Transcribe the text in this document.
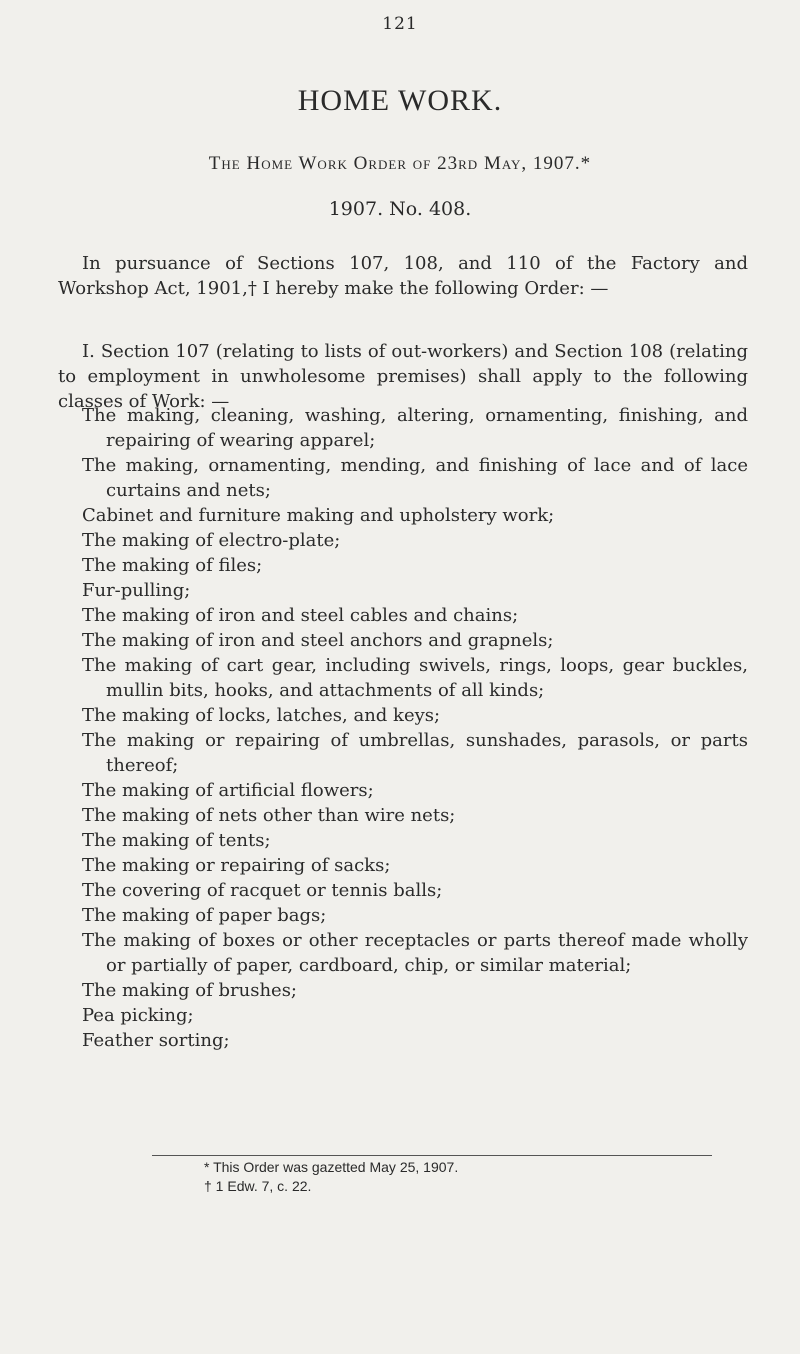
121
HOME WORK.
The Home Work Order of 23rd May, 1907.*
1907. No. 408.

In pursuance of Sections 107, 108, and 110 of the Factory and Workshop Act, 1901,† I hereby make the following Order: —

I. Section 107 (relating to lists of out-workers) and Section 108 (relating to employment in unwholesome premises) shall apply to the following classes of Work: —

The making, cleaning, washing, altering, ornamenting, finishing, and repairing of wearing apparel;
The making, ornamenting, mending, and finishing of lace and of lace curtains and nets;
Cabinet and furniture making and upholstery work;
The making of electro-plate;
The making of files;
Fur-pulling;
The making of iron and steel cables and chains;
The making of iron and steel anchors and grapnels;
The making of cart gear, including swivels, rings, loops, gear buckles, mullin bits, hooks, and attachments of all kinds;
The making of locks, latches, and keys;
The making or repairing of umbrellas, sunshades, parasols, or parts thereof;
The making of artificial flowers;
The making of nets other than wire nets;
The making of tents;
The making or repairing of sacks;
The covering of racquet or tennis balls;
The making of paper bags;
The making of boxes or other receptacles or parts thereof made wholly or partially of paper, cardboard, chip, or similar material;
The making of brushes;
Pea picking;
Feather sorting;
* This Order was gazetted May 25, 1907.
† 1 Edw. 7, c. 22.
